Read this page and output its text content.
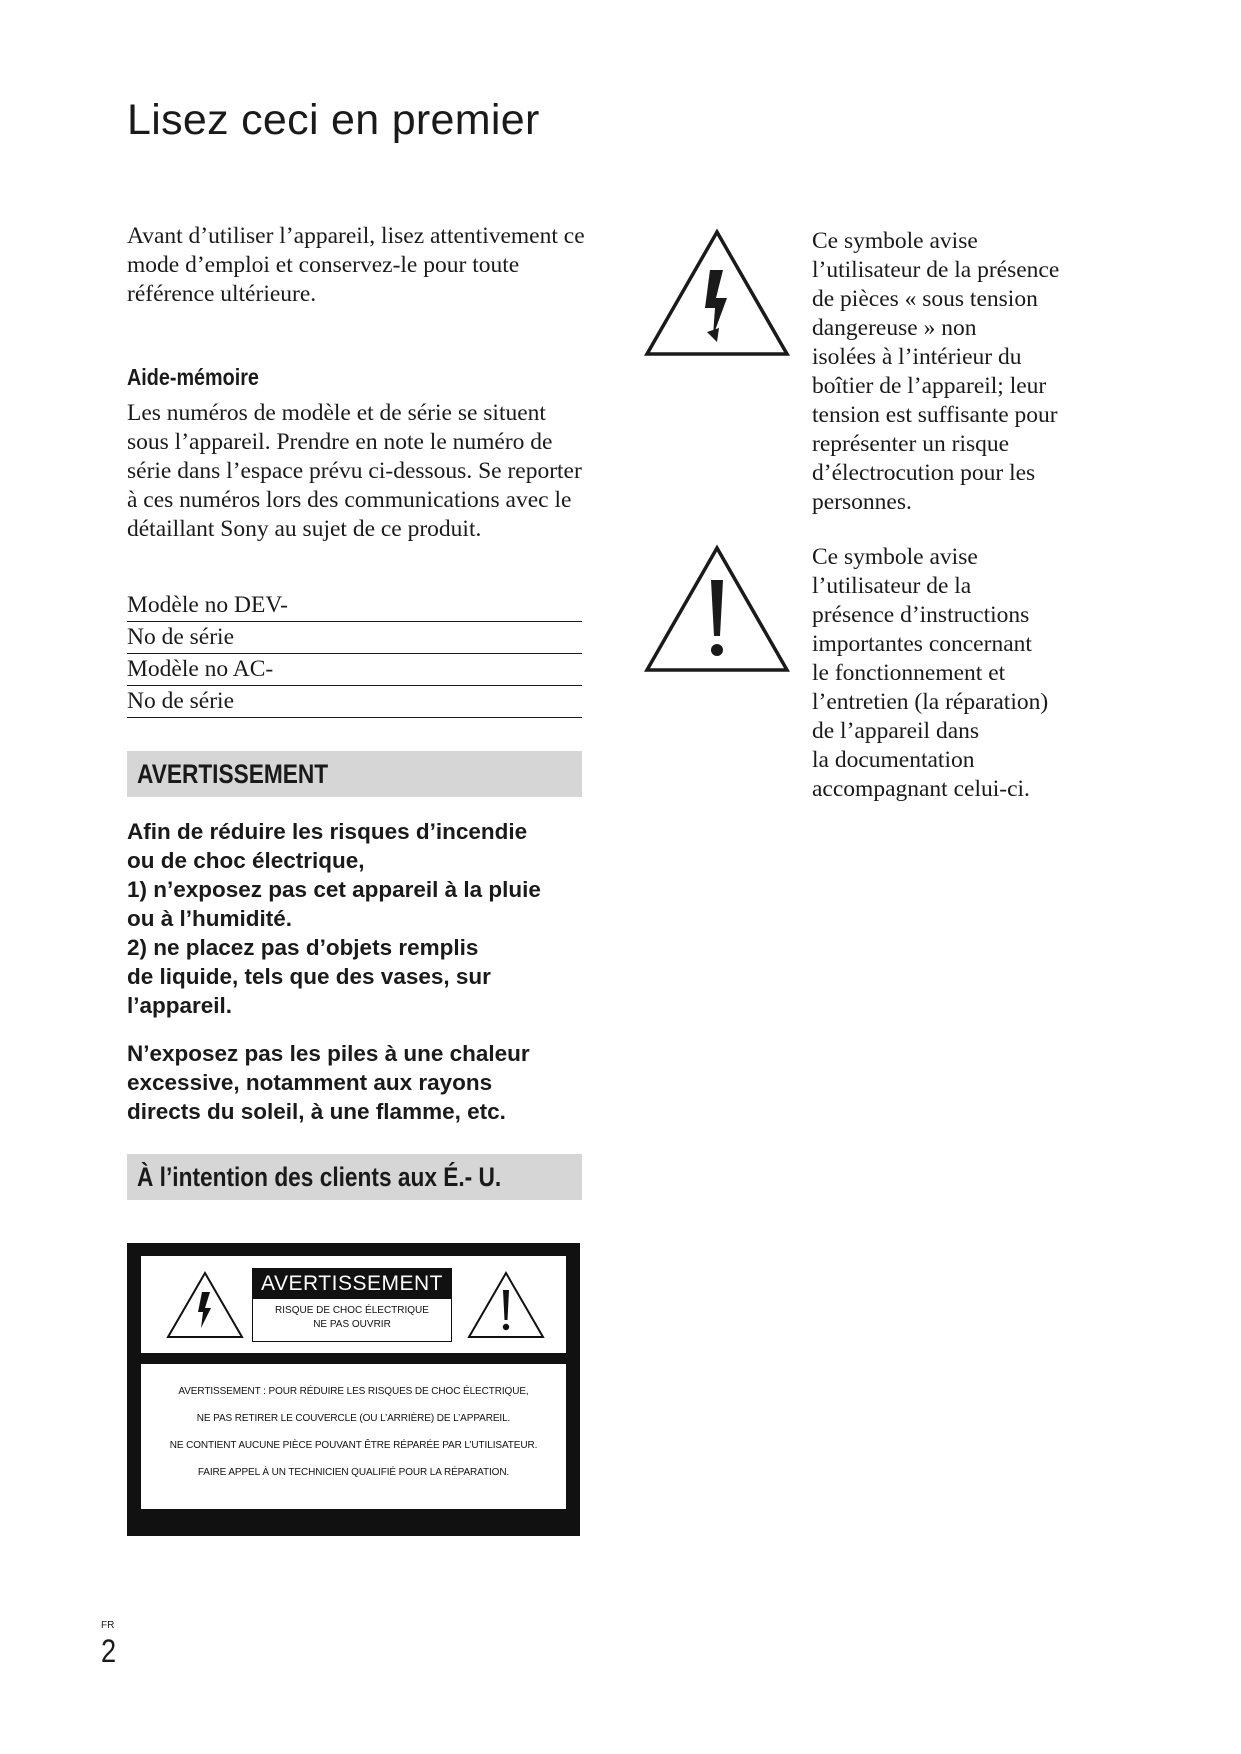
Lisez ceci en premier

Avant d’utiliser l’appareil, lisez attentivement ce mode d’emploi et conservez-le pour toute référence ultérieure.

Aide-mémoire

Les numéros de modèle et de série se situent sous l’appareil. Prendre en note le numéro de série dans l’espace prévu ci-dessous. Se reporter à ces numéros lors des communications avec le détaillant Sony au sujet de ce produit.

Modèle no DEV-
No de série
Modèle no AC-
No de série
AVERTISSEMENT

Afin de réduire les risques d’incendie
ou de choc électrique,
1) n’exposez pas cet appareil à la pluie
ou à l’humidité.
2) ne placez pas d’objets remplis
de liquide, tels que des vases, sur
l’appareil.

N’exposez pas les piles à une chaleur
excessive, notamment aux rayons
directs du soleil, à une flamme, etc.

À l’intention des clients aux É.- U.
AVERTISSEMENT
RISQUE DE CHOC ÉLECTRIQUE
NE PAS OUVRIR

AVERTISSEMENT : POUR RÉDUIRE LES RISQUES DE CHOC ÉLECTRIQUE,

NE PAS RETIRER LE COUVERCLE (OU L’ARRIÈRE) DE L’APPAREIL.

NE CONTIENT AUCUNE PIÈCE POUVANT ÊTRE RÉPARÉE PAR L’UTILISATEUR.

FAIRE APPEL À UN TECHNICIEN QUALIFIÉ POUR LA RÉPARATION.

Ce symbole avise
l’utilisateur de la présence
de pièces « sous tension
dangereuse » non
isolées à l’intérieur du
boîtier de l’appareil; leur
tension est suffisante pour
représenter un risque
d’électrocution pour les
personnes.
Ce symbole avise
l’utilisateur de la
présence d’instructions
importantes concernant
le fonctionnement et
l’entretien (la réparation)
de l’appareil dans
la documentation
accompagnant celui-ci.
FR
2
